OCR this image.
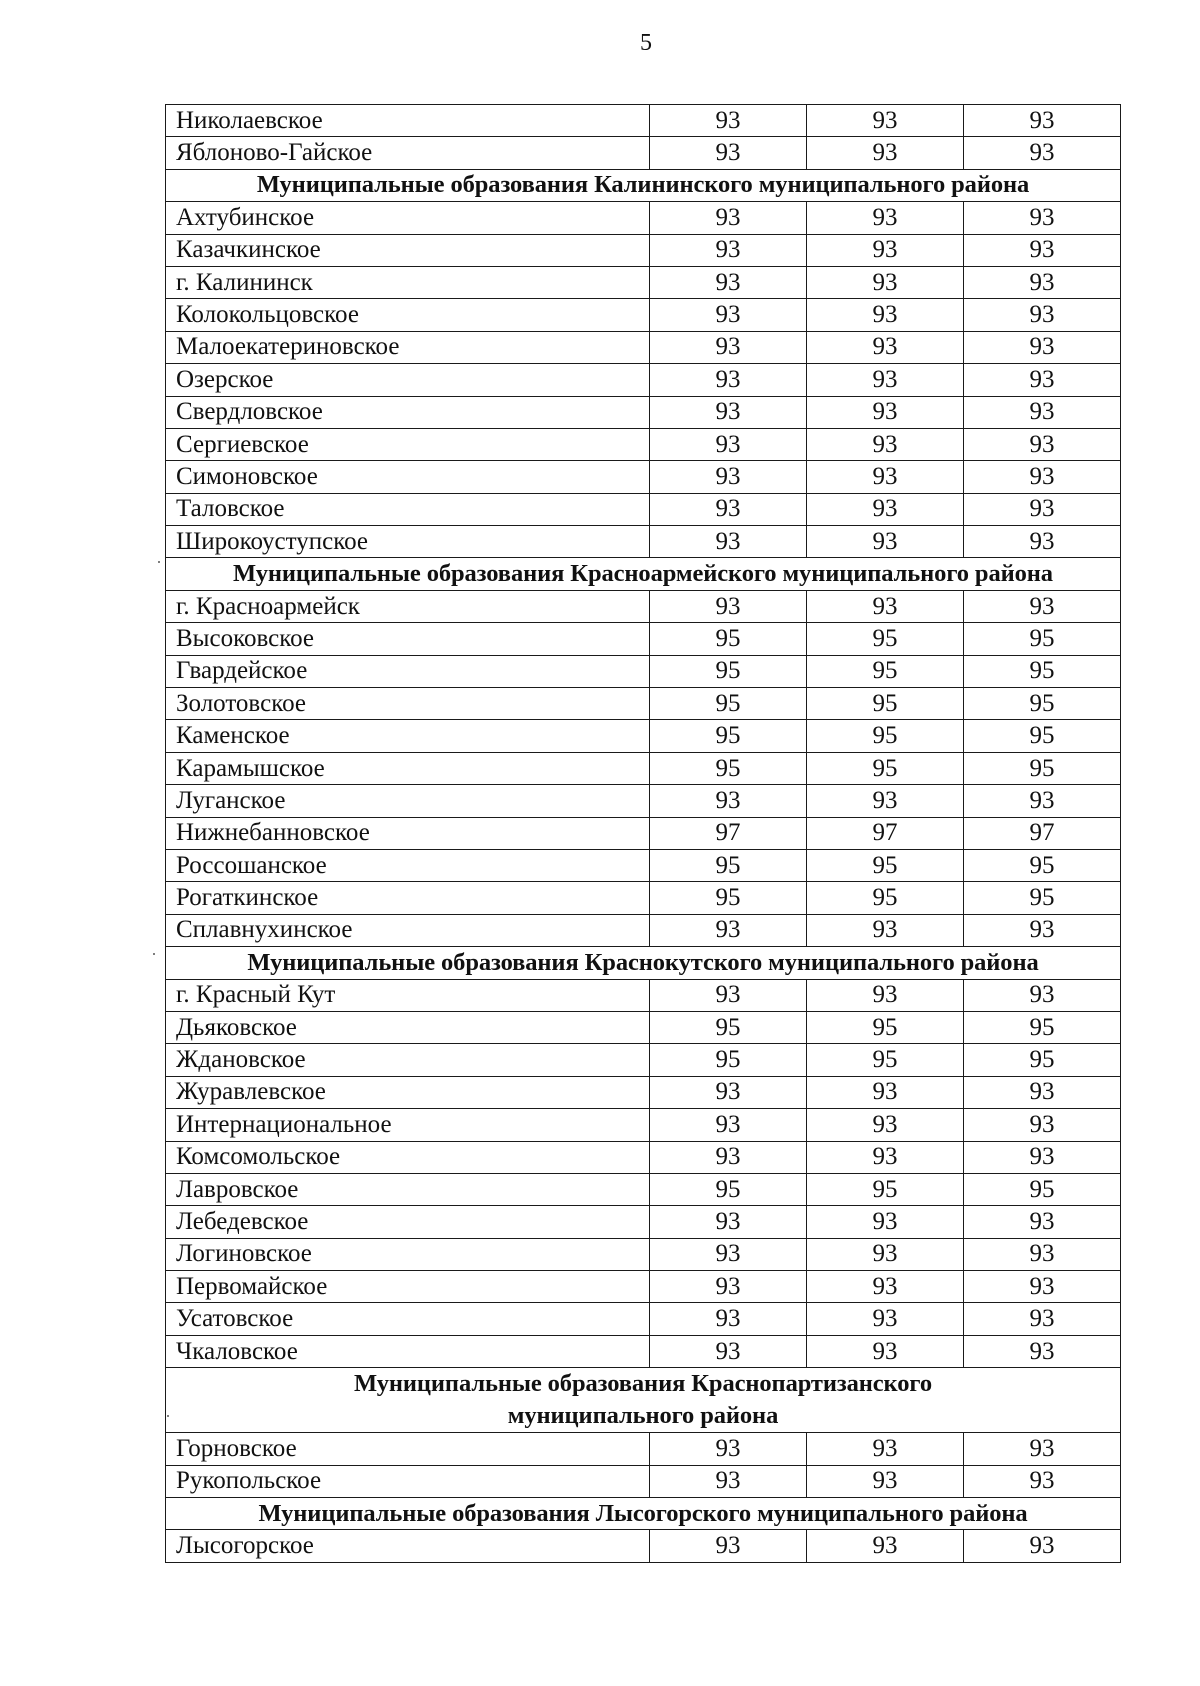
5
Николаевское	93	93	93
Яблоново-Гайское	93	93	93
Муниципальные образования Калининского муниципального района			
Ахтубинское	93	93	93
Казачкинское	93	93	93
г. Калининск	93	93	93
Колокольцовское	93	93	93
Малоекатериновское	93	93	93
Озерское	93	93	93
Свердловское	93	93	93
Сергиевское	93	93	93
Симоновское	93	93	93
Таловское	93	93	93
Широкоуступское	93	93	93
Муниципальные образования Красноармейского муниципального района			
г. Красноармейск	93	93	93
Высоковское	95	95	95
Гвардейское	95	95	95
Золотовское	95	95	95
Каменское	95	95	95
Карамышское	95	95	95
Луганское	93	93	93
Нижнебанновское	97	97	97
Россошанское	95	95	95
Рогаткинское	95	95	95
Сплавнухинское	93	93	93
Муниципальные образования Краснокутского муниципального района			
г. Красный Кут	93	93	93
Дьяковское	95	95	95
Ждановское	95	95	95
Журавлевское	93	93	93
Интернациональное	93	93	93
Комсомольское	93	93	93
Лавровское	95	95	95
Лебедевское	93	93	93
Логиновское	93	93	93
Первомайское	93	93	93
Усатовское	93	93	93
Чкаловское	93	93	93
Муниципальные образования Краснопартизанского
муниципального района			
Горновское	93	93	93
Рукопольское	93	93	93
Муниципальные образования Лысогорского муниципального района			
Лысогорское	93	93	93
